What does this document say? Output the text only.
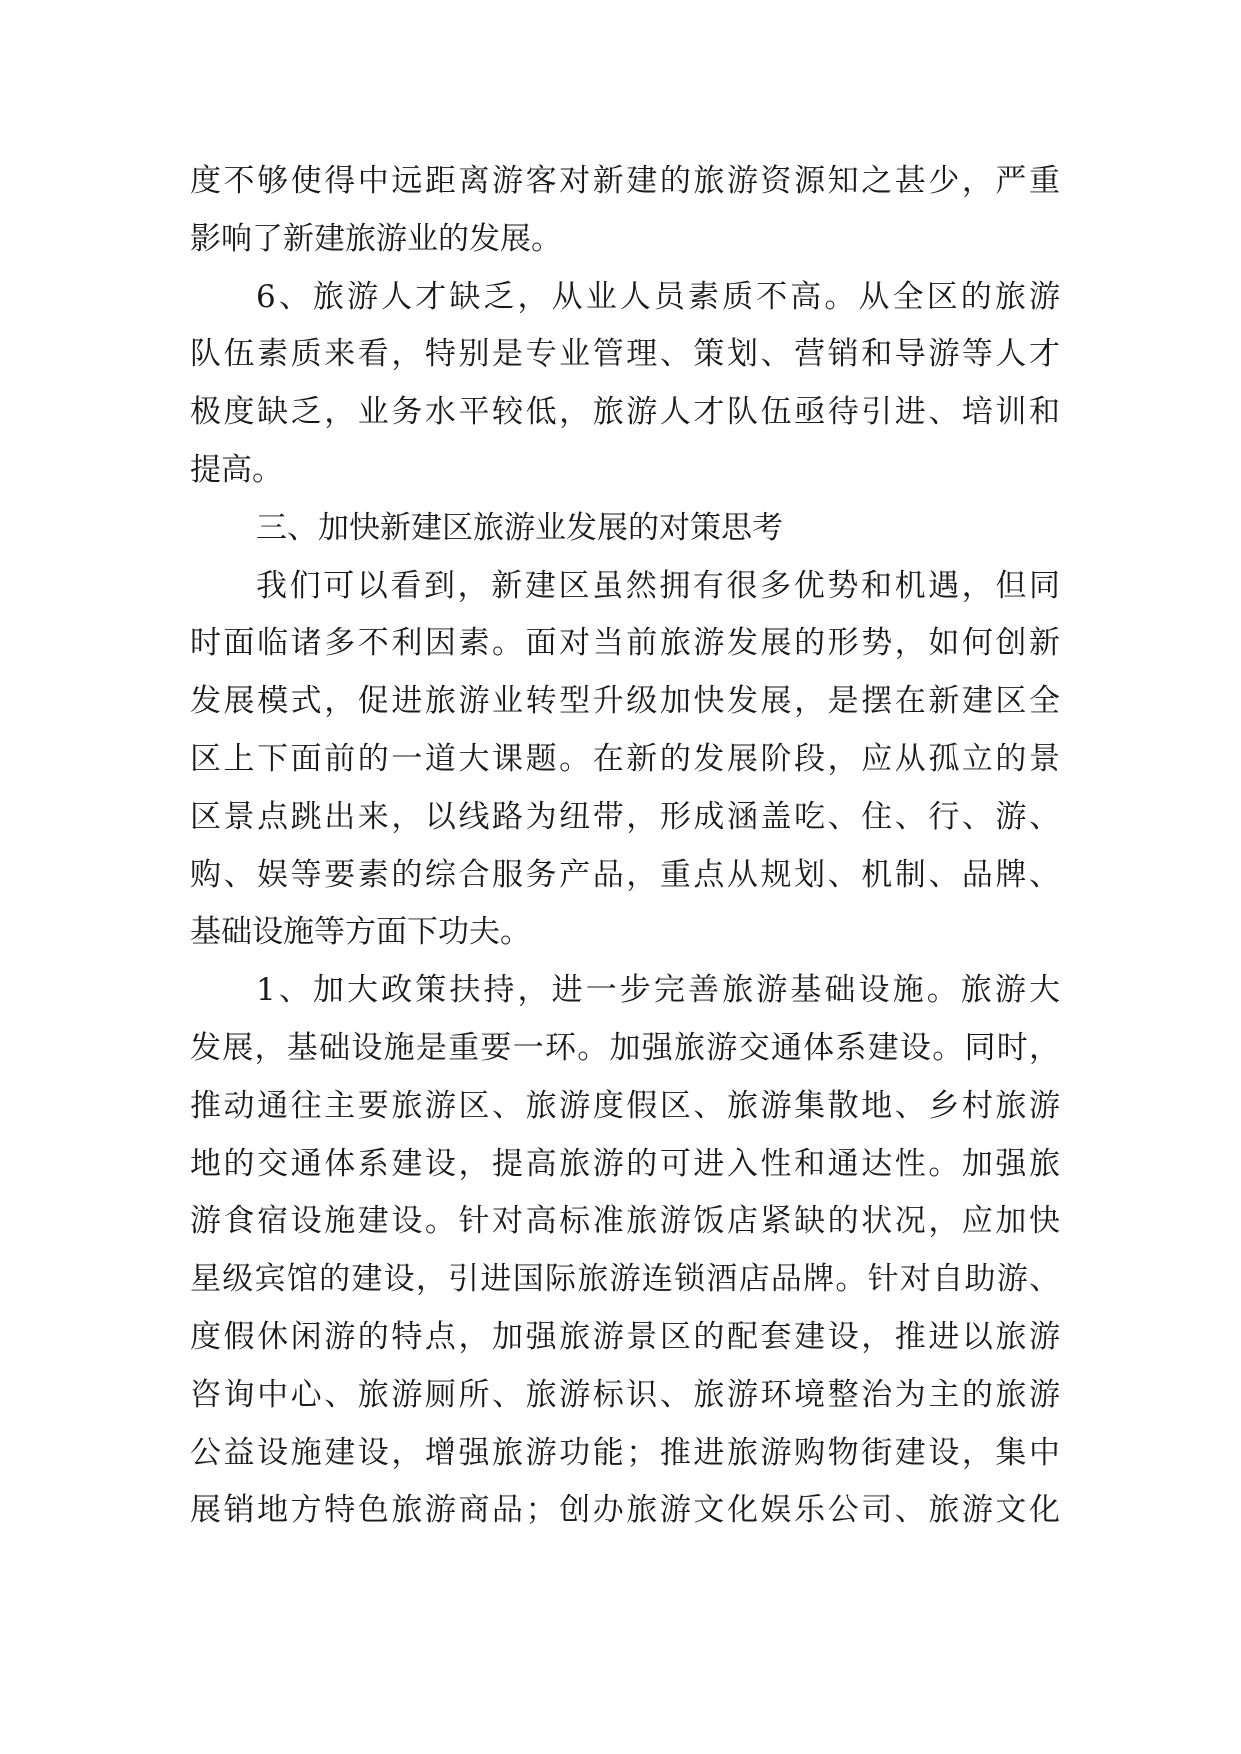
度不够使得中远距离游客对新建的旅游资源知之甚少，严重
影响了新建旅游业的发展。
6、旅游人才缺乏，从业人员素质不高。从全区的旅游
队伍素质来看，特别是专业管理、策划、营销和导游等人才
极度缺乏，业务水平较低，旅游人才队伍亟待引进、培训和
提高。
三、加快新建区旅游业发展的对策思考
我们可以看到，新建区虽然拥有很多优势和机遇，但同
时面临诸多不利因素。面对当前旅游发展的形势，如何创新
发展模式，促进旅游业转型升级加快发展，是摆在新建区全
区上下面前的一道大课题。在新的发展阶段，应从孤立的景
区景点跳出来，以线路为纽带，形成涵盖吃、住、行、游、
购、娱等要素的综合服务产品，重点从规划、机制、品牌、
基础设施等方面下功夫。
1、加大政策扶持，进一步完善旅游基础设施。旅游大
发展，基础设施是重要一环。加强旅游交通体系建设。同时，
推动通往主要旅游区、旅游度假区、旅游集散地、乡村旅游
地的交通体系建设，提高旅游的可进入性和通达性。加强旅
游食宿设施建设。针对高标准旅游饭店紧缺的状况，应加快
星级宾馆的建设，引进国际旅游连锁酒店品牌。针对自助游、
度假休闲游的特点，加强旅游景区的配套建设，推进以旅游
咨询中心、旅游厕所、旅游标识、旅游环境整治为主的旅游
公益设施建设，增强旅游功能；推进旅游购物街建设，集中
展销地方特色旅游商品；创办旅游文化娱乐公司、旅游文化
